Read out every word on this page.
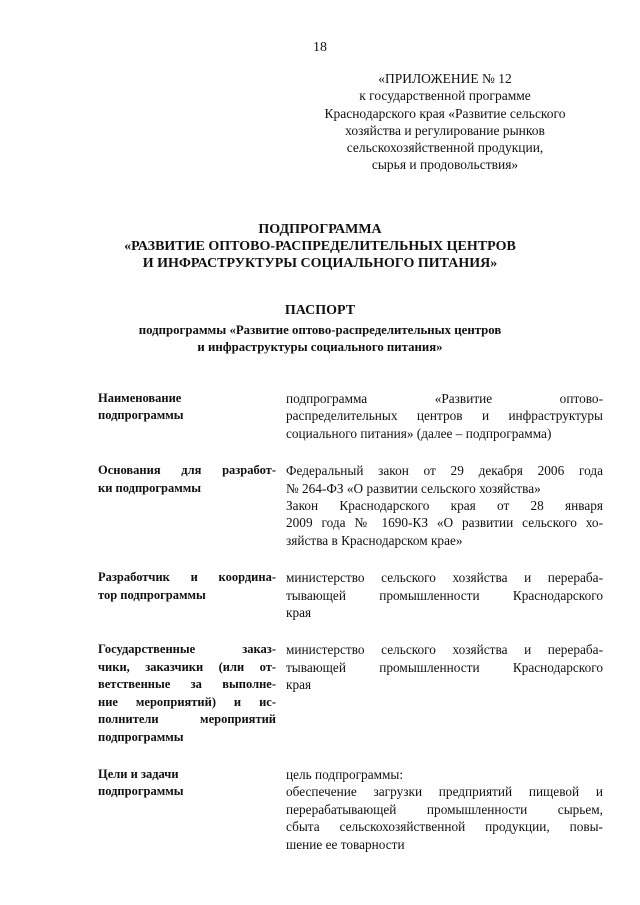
18
«ПРИЛОЖЕНИЕ № 12
к государственной программе
Краснодарского края «Развитие сельского
хозяйства и регулирование рынков
сельскохозяйственной продукции,
сырья и продовольствия»
ПОДПРОГРАММА
«РАЗВИТИЕ ОПТОВО-РАСПРЕДЕЛИТЕЛЬНЫХ ЦЕНТРОВ
И ИНФРАСТРУКТУРЫ СОЦИАЛЬНОГО ПИТАНИЯ»
ПАСПОРТ
подпрограммы «Развитие оптово-распределительных центров
и инфраструктуры социального питания»
Наименование
подпрограммы
подпрограмма «Развитие оптово-
распределительных центров и инфраструктуры
социального питания» (далее – подпрограмма)
Основания для разработ-
ки подпрограммы
Федеральный закон от 29 декабря 2006 года
№ 264-ФЗ «О развитии сельского хозяйства»
Закон Краснодарского края от 28 января
2009 года № 1690-КЗ «О развитии сельского хо-
зяйства в Краснодарском крае»
Разработчик и координа-
тор подпрограммы
министерство сельского хозяйства и перераба-
тывающей промышленности Краснодарского
края
Государственные заказ-
чики, заказчики (или от-
ветственные за выполне-
ние мероприятий) и ис-
полнители мероприятий
подпрограммы
министерство сельского хозяйства и перераба-
тывающей промышленности Краснодарского
края
Цели и задачи
подпрограммы
цель подпрограммы:
обеспечение загрузки предприятий пищевой и
перерабатывающей промышленности сырьем,
сбыта сельскохозяйственной продукции, повы-
шение ее товарности
